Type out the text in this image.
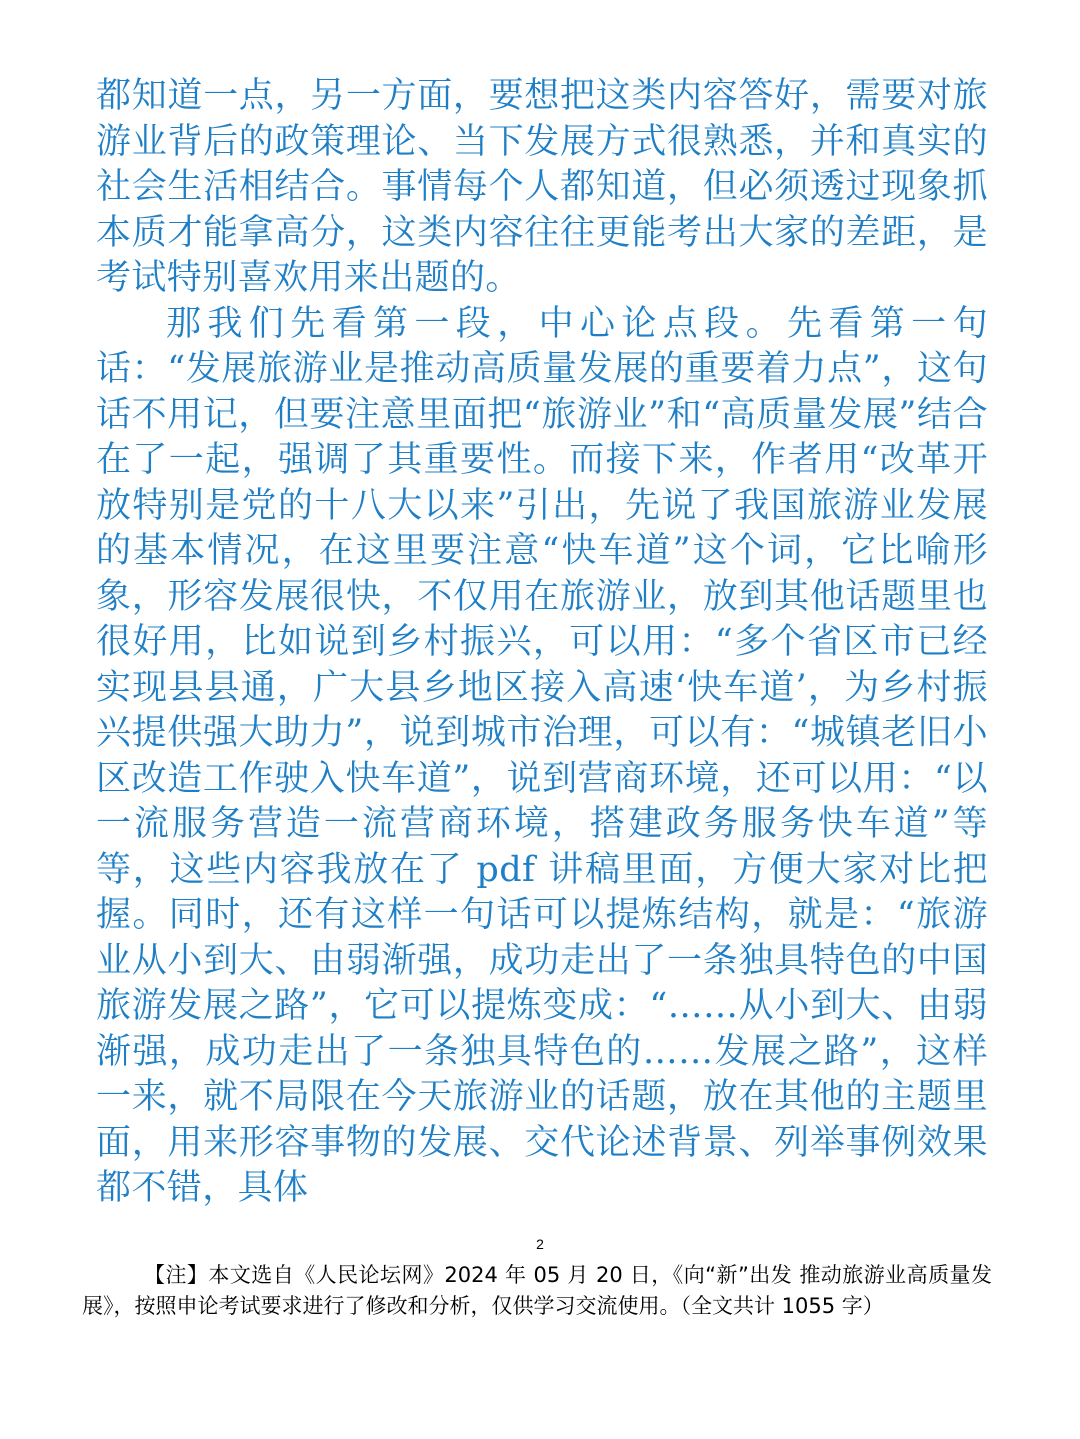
都知道一点，另一方面，要想把这类内容答好，需要对旅游业背后的政策理论、当下发展方式很熟悉，并和真实的社会生活相结合。事情每个人都知道，但必须透过现象抓本质才能拿高分，这类内容往往更能考出大家的差距，是考试特别喜欢用来出题的。

那我们先看第一段，中心论点段。先看第一句话：“发展旅游业是推动高质量发展的重要着力点”，这句话不用记，但要注意里面把“旅游业”和“高质量发展”结合在了一起，强调了其重要性。而接下来，作者用“改革开放特别是党的十八大以来”引出，先说了我国旅游业发展的基本情况，在这里要注意“快车道”这个词，它比喻形象，形容发展很快，不仅用在旅游业，放到其他话题里也很好用，比如说到乡村振兴，可以用：“多个省区市已经实现县县通，广大县乡地区接入高速‘快车道’，为乡村振兴提供强大助力”，说到城市治理，可以有：“城镇老旧小区改造工作驶入快车道”，说到营商环境，还可以用：“以一流服务营造一流营商环境，搭建政务服务快车道”等等，这些内容我放在了 pdf 讲稿里面，方便大家对比把握。同时，还有这样一句话可以提炼结构，就是：“旅游业从小到大、由弱渐强，成功走出了一条独具特色的中国旅游发展之路”，它可以提炼变成：“……从小到大、由弱渐强，成功走出了一条独具特色的……发展之路”，这样一来，就不局限在今天旅游业的话题，放在其他的主题里面，用来形容事物的发展、交代论述背景、列举事例效果都不错，具体

2
【注】本文选自《人民论坛网》2024 年 05 月 20 日，《向“新”出发 推动旅游业高质量发展》，按照申论考试要求进行了修改和分析，仅供学习交流使用。（全文共计 1055 字）
